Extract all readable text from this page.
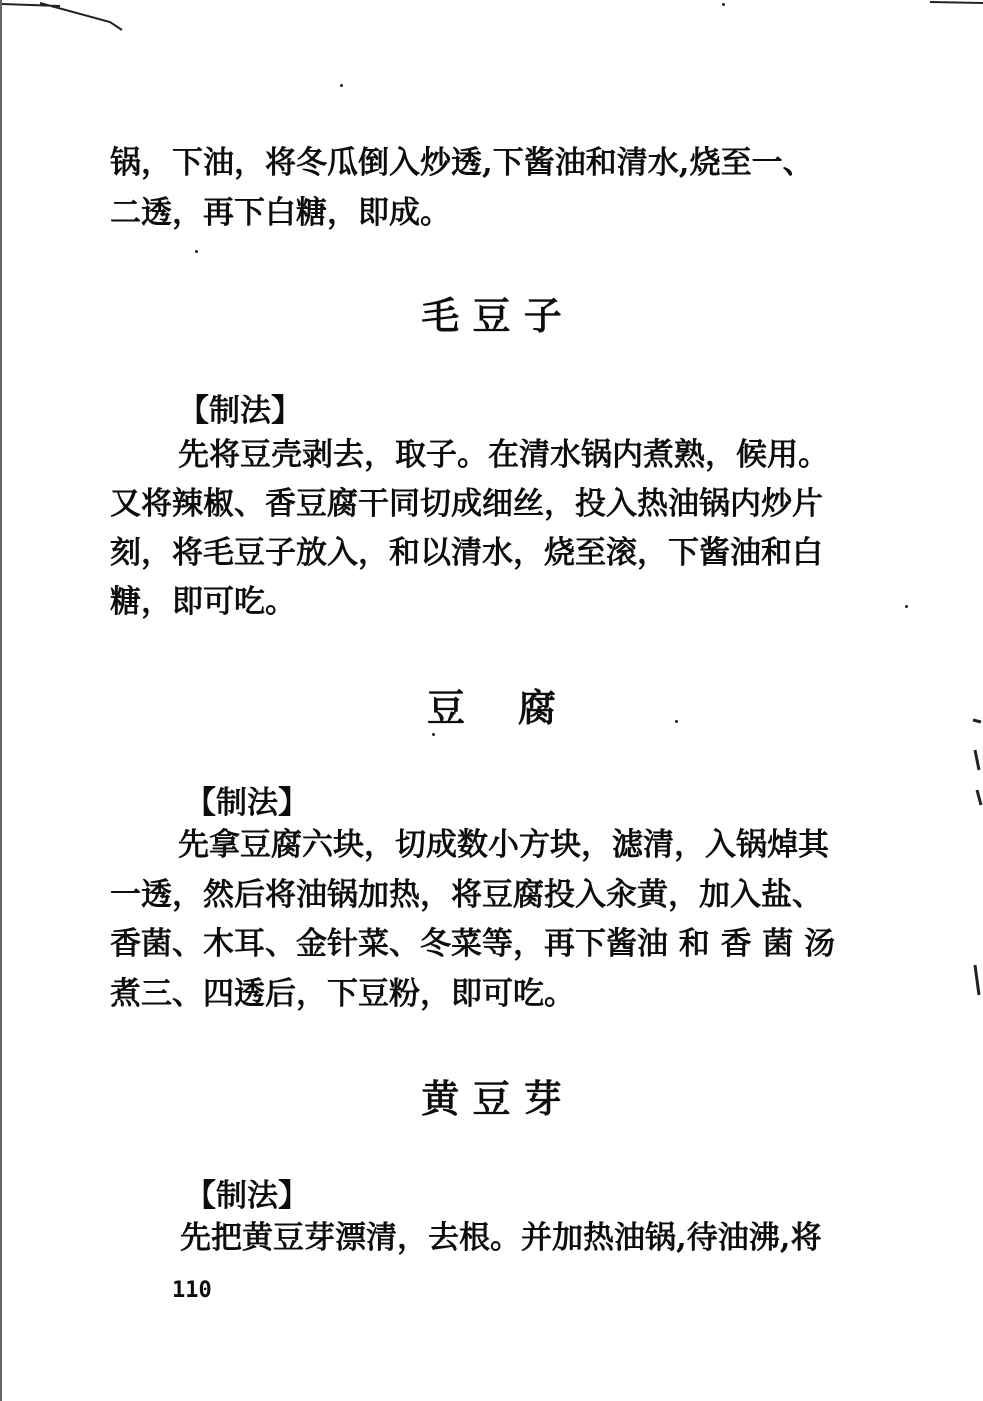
锅，下油，将冬瓜倒入炒透,下酱油和清水,烧至一、
二透，再下白糖，即成。
毛 豆 子
【制法】
先将豆壳剥去，取子。在清水锅内煮熟，候用。
又将辣椒、香豆腐干同切成细丝，投入热油锅内炒片
刻，将毛豆子放入，和以清水，烧至滚，下酱油和白
糖，即可吃。
豆    腐
【制法】
先拿豆腐六块，切成数小方块，滤清，入锅焯其
一透，然后将油锅加热，将豆腐投入汆黄，加入盐、
香菌、木耳、金针菜、冬菜等，再下酱油 和 香 菌 汤
煮三、四透后，下豆粉，即可吃。
黄 豆 芽
【制法】
先把黄豆芽漂清，去根。并加热油锅,待油沸,将
110
